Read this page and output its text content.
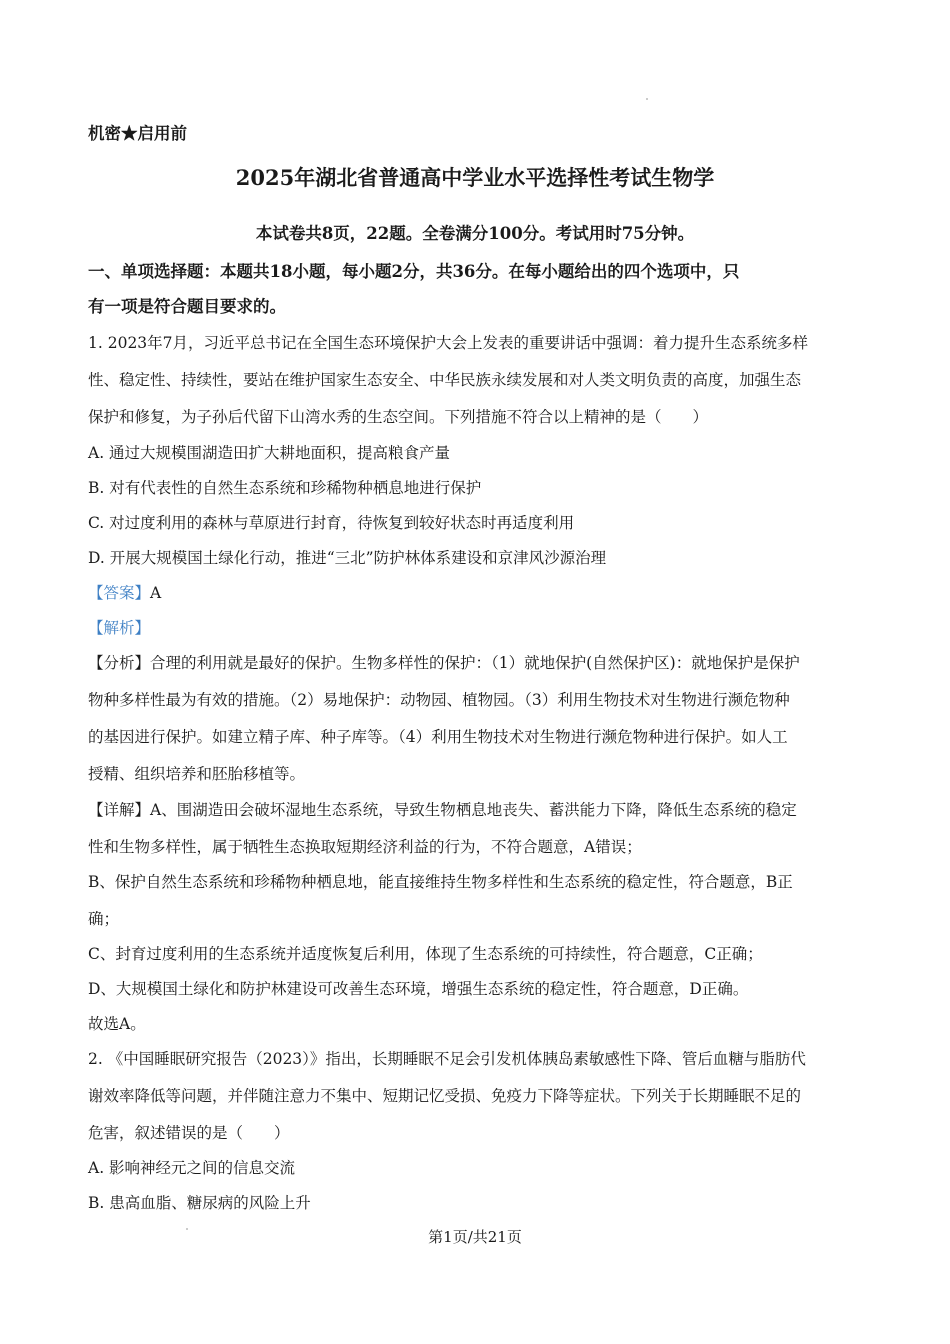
机密★启用前
2025年湖北省普通高中学业水平选择性考试生物学
本试卷共8页，22题。全卷满分100分。考试用时75分钟。
一、单项选择题：本题共18小题，每小题2分，共36分。在每小题给出的四个选项中，只
有一项是符合题目要求的。
1. 2023年7月，习近平总书记在全国生态环境保护大会上发表的重要讲话中强调：着力提升生态系统多样
性、稳定性、持续性，要站在维护国家生态安全、中华民族永续发展和对人类文明负责的高度，加强生态
保护和修复，为子孙后代留下山湾水秀的生态空间。下列措施不符合以上精神的是（　　）
A. 通过大规模围湖造田扩大耕地面积，提高粮食产量
B. 对有代表性的自然生态系统和珍稀物种栖息地进行保护
C. 对过度利用的森林与草原进行封育，待恢复到较好状态时再适度利用
D. 开展大规模国土绿化行动，推进“三北”防护林体系建设和京津风沙源治理
【答案】A
【解析】
【分析】合理的利用就是最好的保护。生物多样性的保护：（1）就地保护(自然保护区)：就地保护是保护
物种多样性最为有效的措施。（2）易地保护：动物园、植物园。（3）利用生物技术对生物进行濒危物种
的基因进行保护。如建立精子库、种子库等。（4）利用生物技术对生物进行濒危物种进行保护。如人工
授精、组织培养和胚胎移植等。
【详解】A、围湖造田会破坏湿地生态系统，导致生物栖息地丧失、蓄洪能力下降，降低生态系统的稳定
性和生物多样性，属于牺牲生态换取短期经济利益的行为，不符合题意，A错误；
B、保护自然生态系统和珍稀物种栖息地，能直接维持生物多样性和生态系统的稳定性，符合题意，B正
确；
C、封育过度利用的生态系统并适度恢复后利用，体现了生态系统的可持续性，符合题意，C正确；
D、大规模国土绿化和防护林建设可改善生态环境，增强生态系统的稳定性，符合题意，D正确。
故选A。
2. 《中国睡眠研究报告（2023）》指出，长期睡眠不足会引发机体胰岛素敏感性下降、管后血糖与脂肪代
谢效率降低等问题，并伴随注意力不集中、短期记忆受损、免疫力下降等症状。下列关于长期睡眠不足的
危害，叙述错误的是（　　）
A. 影响神经元之间的信息交流
B. 患高血脂、糖尿病的风险上升
第1页/共21页
